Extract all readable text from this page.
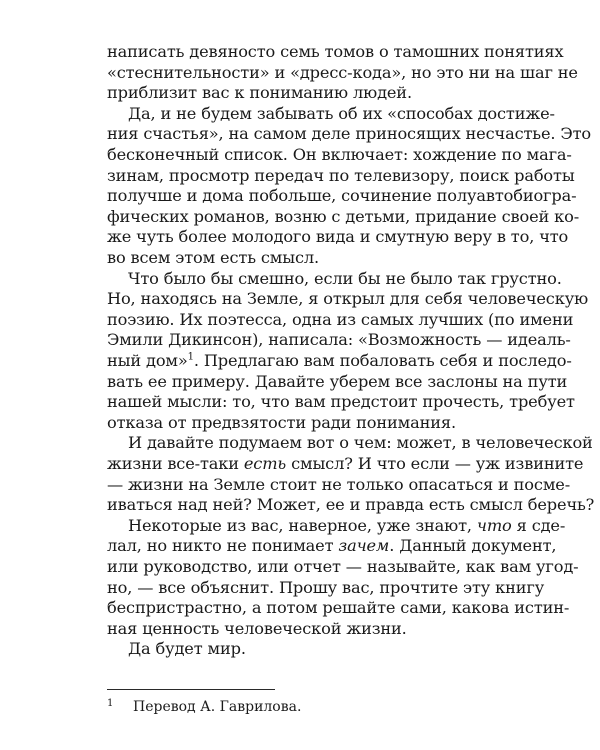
написать девяносто семь томов о тамошних понятиях
«стеснительности» и «дресс-кода», но это ни на шаг не
приблизит вас к пониманию людей.
Да, и не будем забывать об их «способах достиже-
ния счастья», на самом деле приносящих несчастье. Это
бесконечный список. Он включает: хождение по мага-
зинам, просмотр передач по телевизору, поиск работы
получше и дома побольше, сочинение полуавтобиогра-
фических романов, возню с детьми, придание своей ко-
же чуть более молодого вида и смутную веру в то, что
во всем этом есть смысл.
Что было бы смешно, если бы не было так грустно.
Но, находясь на Земле, я открыл для себя человеческую
поэзию. Их поэтесса, одна из самых лучших (по имени
Эмили Дикинсон), написала: «Возможность — идеаль-
ный дом»$^1$. Предлагаю вам побаловать себя и последо-
вать ее примеру. Давайте уберем все заслоны на пути
нашей мысли: то, что вам предстоит прочесть, требует
отказа от предвзятости ради понимания.
И давайте подумаем вот о чем: может, в человеческой
жизни все-таки есть смысл? И что если — уж извините
— жизни на Земле стоит не только опасаться и посме-
иваться над ней? Может, ее и правда есть смысл беречь?
Некоторые из вас, наверное, уже знают, что я сде-
лал, но никто не понимает зачем. Данный документ,
или руководство, или отчет — называйте, как вам угод-
но, — все объяснит. Прошу вас, прочтите эту книгу
беспристрастно, а потом решайте сами, какова истин-
ная ценность человеческой жизни.
Да будет мир.
1 Перевод А. Гаврилова.
